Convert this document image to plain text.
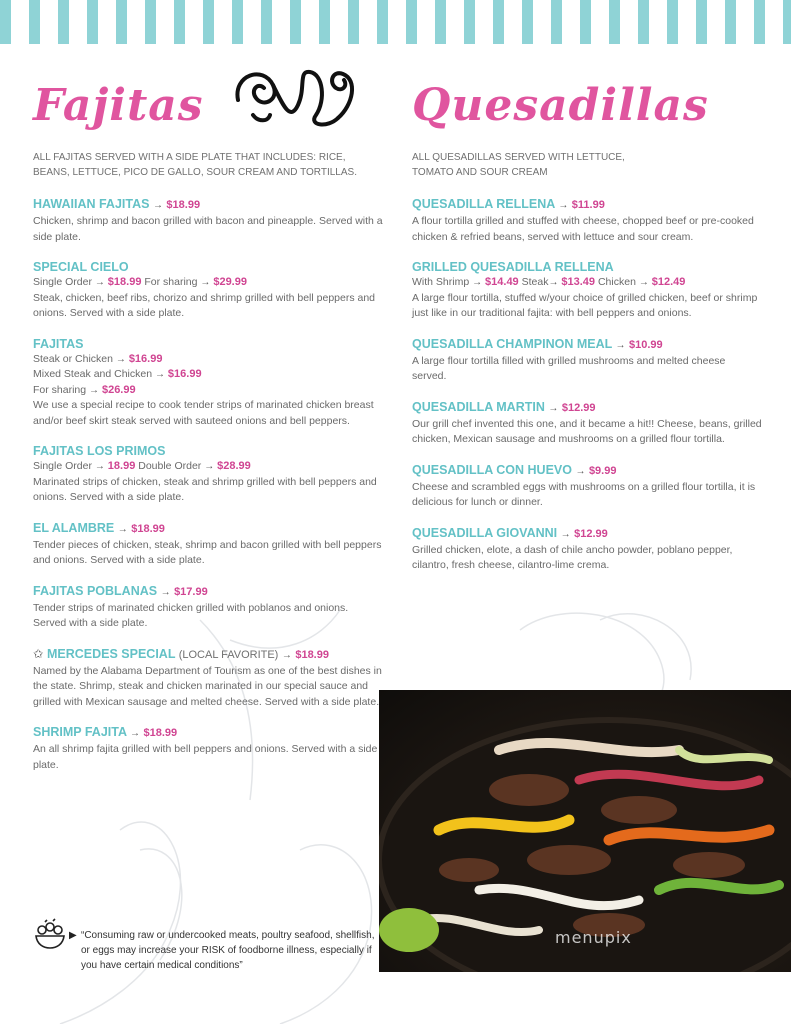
Fajitas
ALL FAJITAS SERVED WITH A SIDE PLATE THAT INCLUDES: RICE, BEANS, LETTUCE, PICO DE GALLO, SOUR CREAM AND TORTILLAS.
HAWAIIAN FAJITAS → $18.99
Chicken, shrimp and bacon grilled with bacon and pineapple. Served with a side plate.
SPECIAL CIELO
Single Order → $18.99 For sharing → $29.99
Steak, chicken, beef ribs, chorizo and shrimp grilled with bell peppers and onions. Served with a side plate.
FAJITAS
Steak or Chicken → $16.99
Mixed Steak and Chicken → $16.99
For sharing → $26.99
We use a special recipe to cook tender strips of marinated chicken breast and/or beef skirt steak served with sauteed onions and bell peppers.
FAJITAS LOS PRIMOS
Single Order → 18.99 Double Order → $28.99
Marinated strips of chicken, steak and shrimp grilled with bell peppers and onions. Served with a side plate.
EL ALAMBRE → $18.99
Tender pieces of chicken, steak, shrimp and bacon grilled with bell peppers and onions. Served with a side plate.
FAJITAS POBLANAS → $17.99
Tender strips of marinated chicken grilled with poblanos and onions. Served with a side plate.
✩ MERCEDES SPECIAL (LOCAL FAVORITE) → $18.99
Named by the Alabama Department of Tourism as one of the best dishes in the state. Shrimp, steak and chicken marinated in our special sauce and grilled with Mexican sausage and melted cheese. Served with a side plate.
SHRIMP FAJITA → $18.99
An all shrimp fajita grilled with bell peppers and onions. Served with a side plate.
Quesadillas
ALL QUESADILLAS SERVED WITH LETTUCE, TOMATO AND SOUR CREAM
QUESADILLA RELLENA → $11.99
A flour tortilla grilled and stuffed with cheese, chopped beef or pre-cooked chicken & refried beans, served with lettuce and sour cream.
GRILLED QUESADILLA RELLENA
With Shrimp → $14.49 Steak→ $13.49 Chicken → $12.49
A large flour tortilla, stuffed w/your choice of grilled chicken, beef or shrimp just like in our traditional fajita: with bell peppers and onions.
QUESADILLA CHAMPINON MEAL → $10.99
A large flour tortilla filled with grilled mushrooms and melted cheese served.
QUESADILLA MARTIN → $12.99
Our grill chef invented this one, and it became a hit!! Cheese, beans, grilled chicken, Mexican sausage and mushrooms on a grilled flour tortilla.
QUESADILLA CON HUEVO → $9.99
Cheese and scrambled eggs with mushrooms on a grilled flour tortilla, it is delicious for lunch or dinner.
QUESADILLA GIOVANNI → $12.99
Grilled chicken, elote, a dash of chile ancho powder, poblano pepper, cilantro, fresh cheese, cilantro-lime crema.
menupix
▶ “Consuming raw or undercooked meats, poultry seafood, shellfish, or eggs may increase your RISK of foodborne illness, especially if you have certain medical conditions”
